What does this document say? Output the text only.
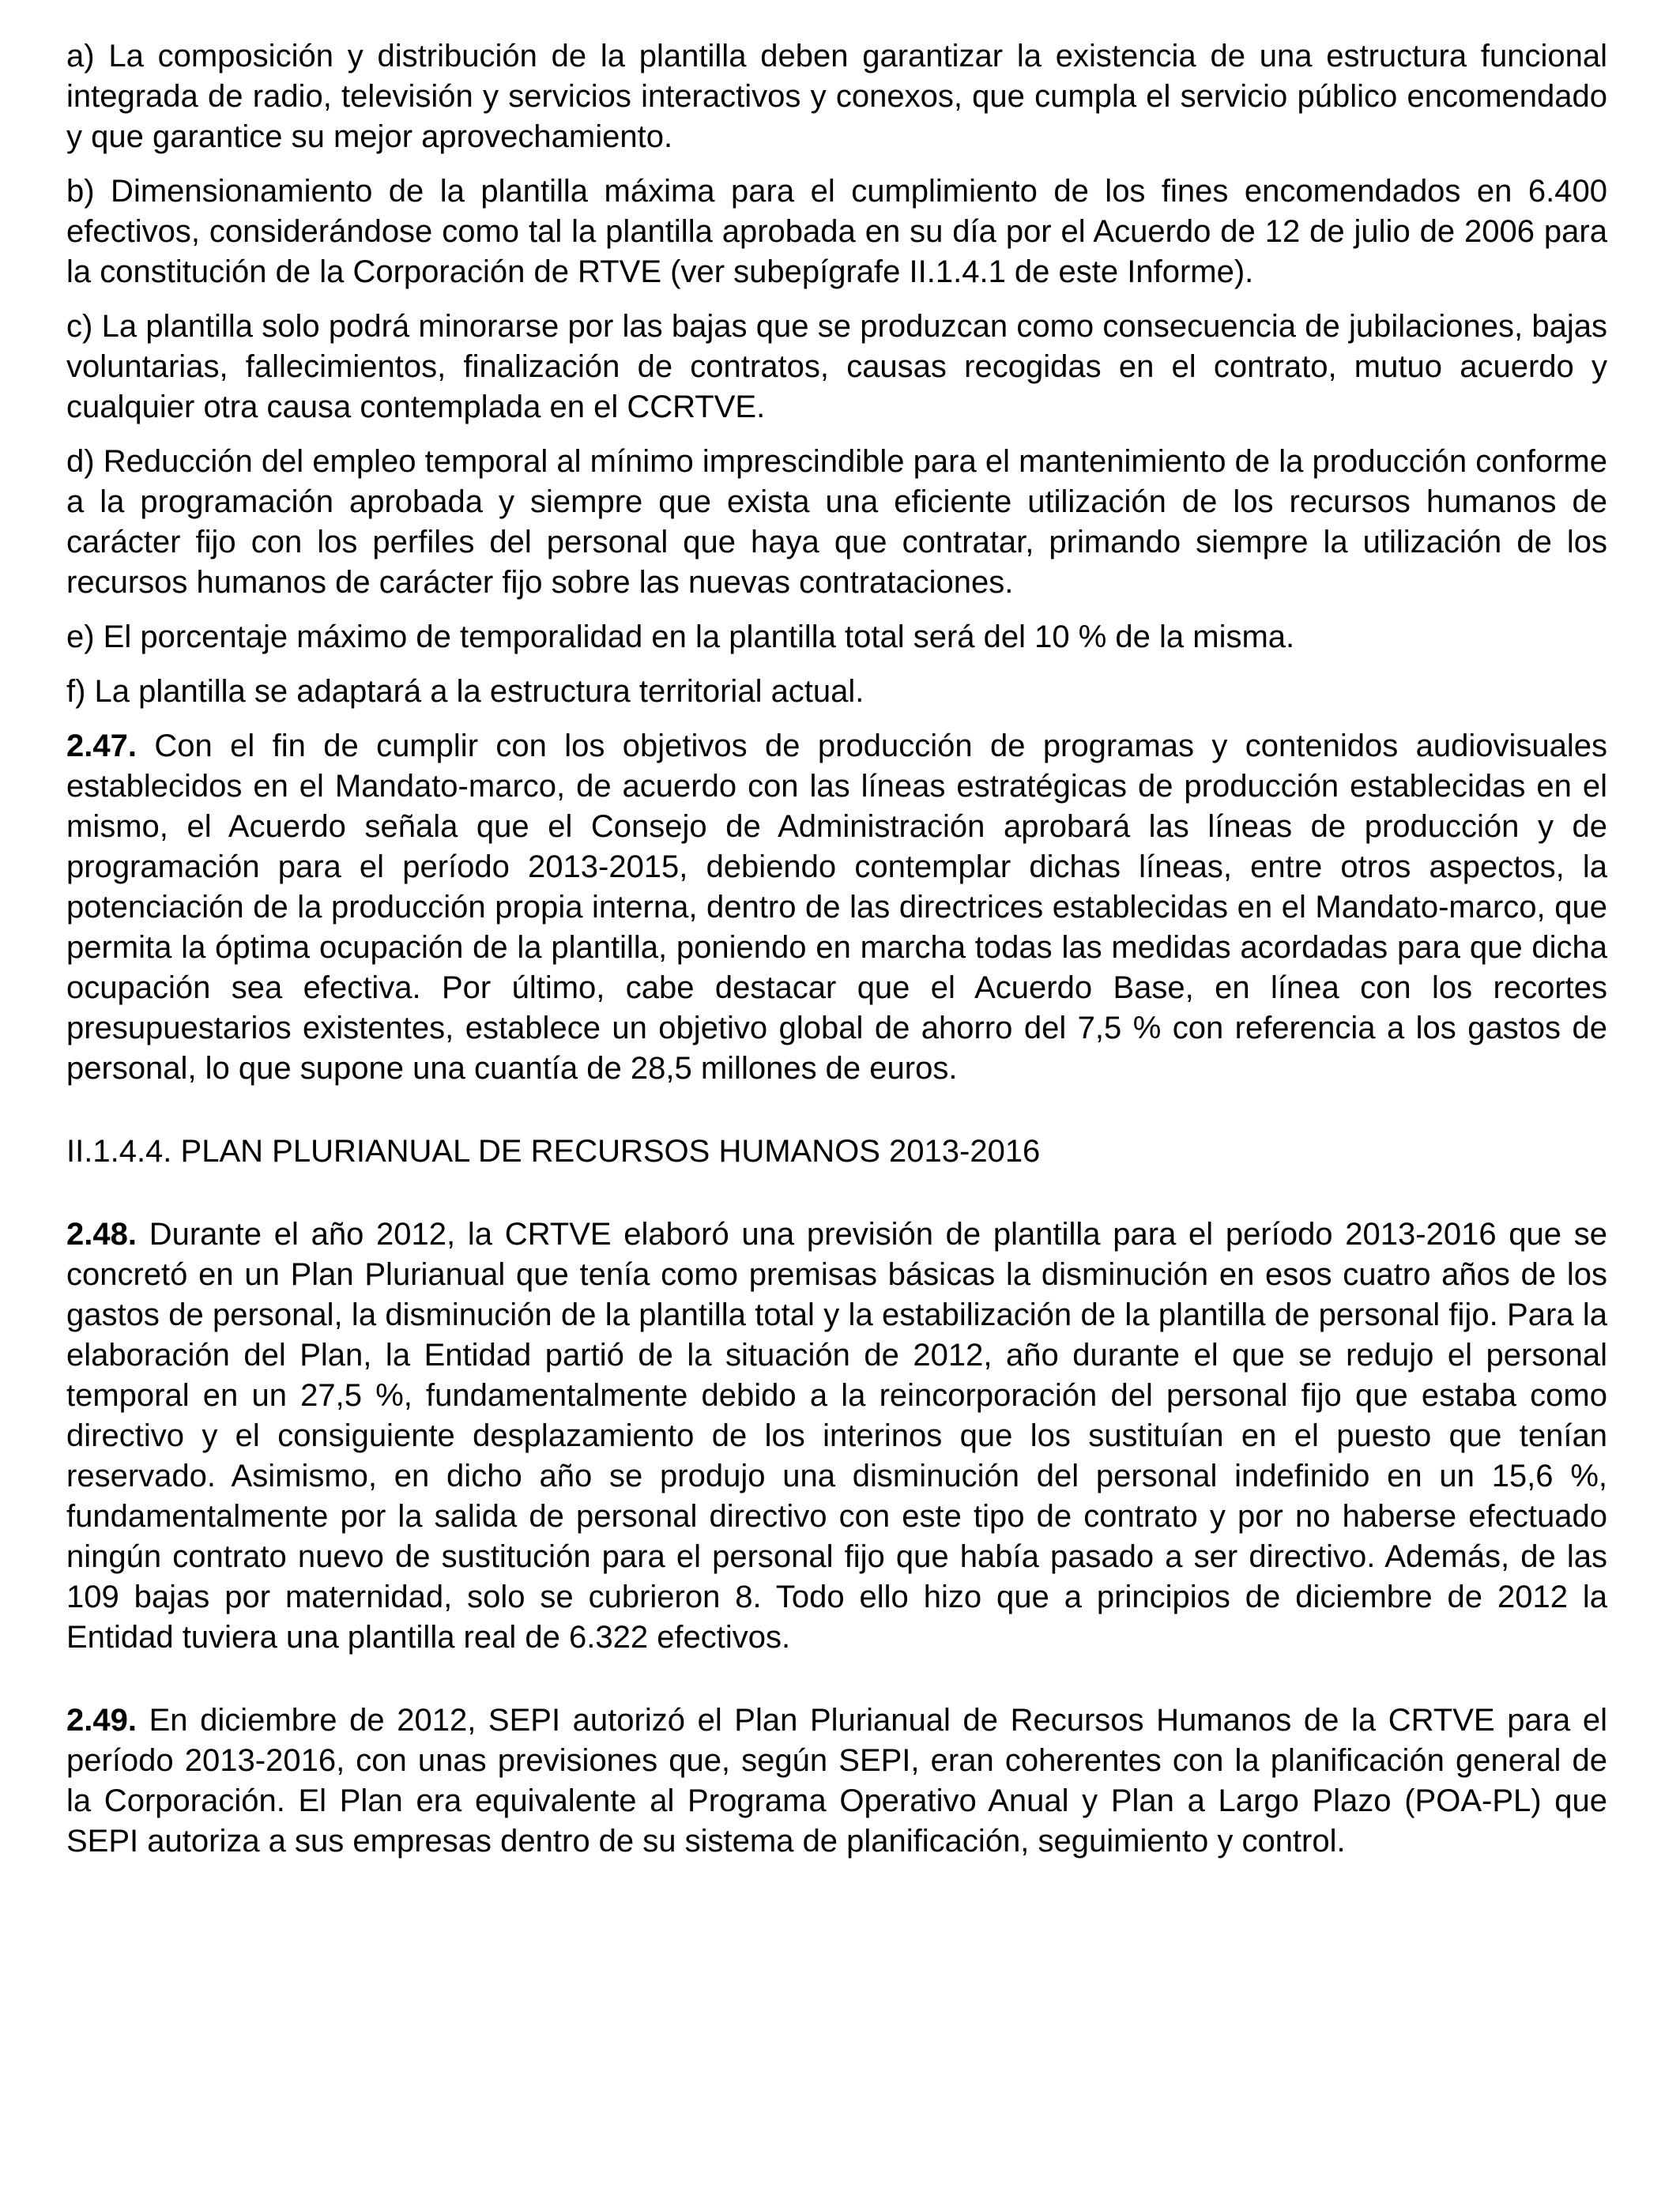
a) La composición y distribución de la plantilla deben garantizar la existencia de una estructura funcional integrada de radio, televisión y servicios interactivos y conexos, que cumpla el servicio público encomendado y que garantice su mejor aprovechamiento.

b) Dimensionamiento de la plantilla máxima para el cumplimiento de los fines encomendados en 6.400 efectivos, considerándose como tal la plantilla aprobada en su día por el Acuerdo de 12 de julio de 2006 para la constitución de la Corporación de RTVE (ver subepígrafe II.1.4.1 de este Informe).

c) La plantilla solo podrá minorarse por las bajas que se produzcan como consecuencia de jubilaciones, bajas voluntarias, fallecimientos, finalización de contratos, causas recogidas en el contrato, mutuo acuerdo y cualquier otra causa contemplada en el CCRTVE.

d) Reducción del empleo temporal al mínimo imprescindible para el mantenimiento de la producción conforme a la programación aprobada y siempre que exista una eficiente utilización de los recursos humanos de carácter fijo con los perfiles del personal que haya que contratar, primando siempre la utilización de los recursos humanos de carácter fijo sobre las nuevas contrataciones.

e) El porcentaje máximo de temporalidad en la plantilla total será del 10 % de la misma.

f) La plantilla se adaptará a la estructura territorial actual.

2.47. Con el fin de cumplir con los objetivos de producción de programas y contenidos audiovisuales establecidos en el Mandato-marco, de acuerdo con las líneas estratégicas de producción establecidas en el mismo, el Acuerdo señala que el Consejo de Administración aprobará las líneas de producción y de programación para el período 2013-2015, debiendo contemplar dichas líneas, entre otros aspectos, la potenciación de la producción propia interna, dentro de las directrices establecidas en el Mandato-marco, que permita la óptima ocupación de la plantilla, poniendo en marcha todas las medidas acordadas para que dicha ocupación sea efectiva. Por último, cabe destacar que el Acuerdo Base, en línea con los recortes presupuestarios existentes, establece un objetivo global de ahorro del 7,5 % con referencia a los gastos de personal, lo que supone una cuantía de 28,5 millones de euros.

II.1.4.4. PLAN PLURIANUAL DE RECURSOS HUMANOS 2013-2016

2.48. Durante el año 2012, la CRTVE elaboró una previsión de plantilla para el período 2013-2016 que se concretó en un Plan Plurianual que tenía como premisas básicas la disminución en esos cuatro años de los gastos de personal, la disminución de la plantilla total y la estabilización de la plantilla de personal fijo. Para la elaboración del Plan, la Entidad partió de la situación de 2012, año durante el que se redujo el personal temporal en un 27,5 %, fundamentalmente debido a la reincorporación del personal fijo que estaba como directivo y el consiguiente desplazamiento de los interinos que los sustituían en el puesto que tenían reservado. Asimismo, en dicho año se produjo una disminución del personal indefinido en un 15,6 %, fundamentalmente por la salida de personal directivo con este tipo de contrato y por no haberse efectuado ningún contrato nuevo de sustitución para el personal fijo que había pasado a ser directivo. Además, de las 109 bajas por maternidad, solo se cubrieron 8. Todo ello hizo que a principios de diciembre de 2012 la Entidad tuviera una plantilla real de 6.322 efectivos.

2.49. En diciembre de 2012, SEPI autorizó el Plan Plurianual de Recursos Humanos de la CRTVE para el período 2013-2016, con unas previsiones que, según SEPI, eran coherentes con la planificación general de la Corporación. El Plan era equivalente al Programa Operativo Anual y Plan a Largo Plazo (POA-PL) que SEPI autoriza a sus empresas dentro de su sistema de planificación, seguimiento y control.
